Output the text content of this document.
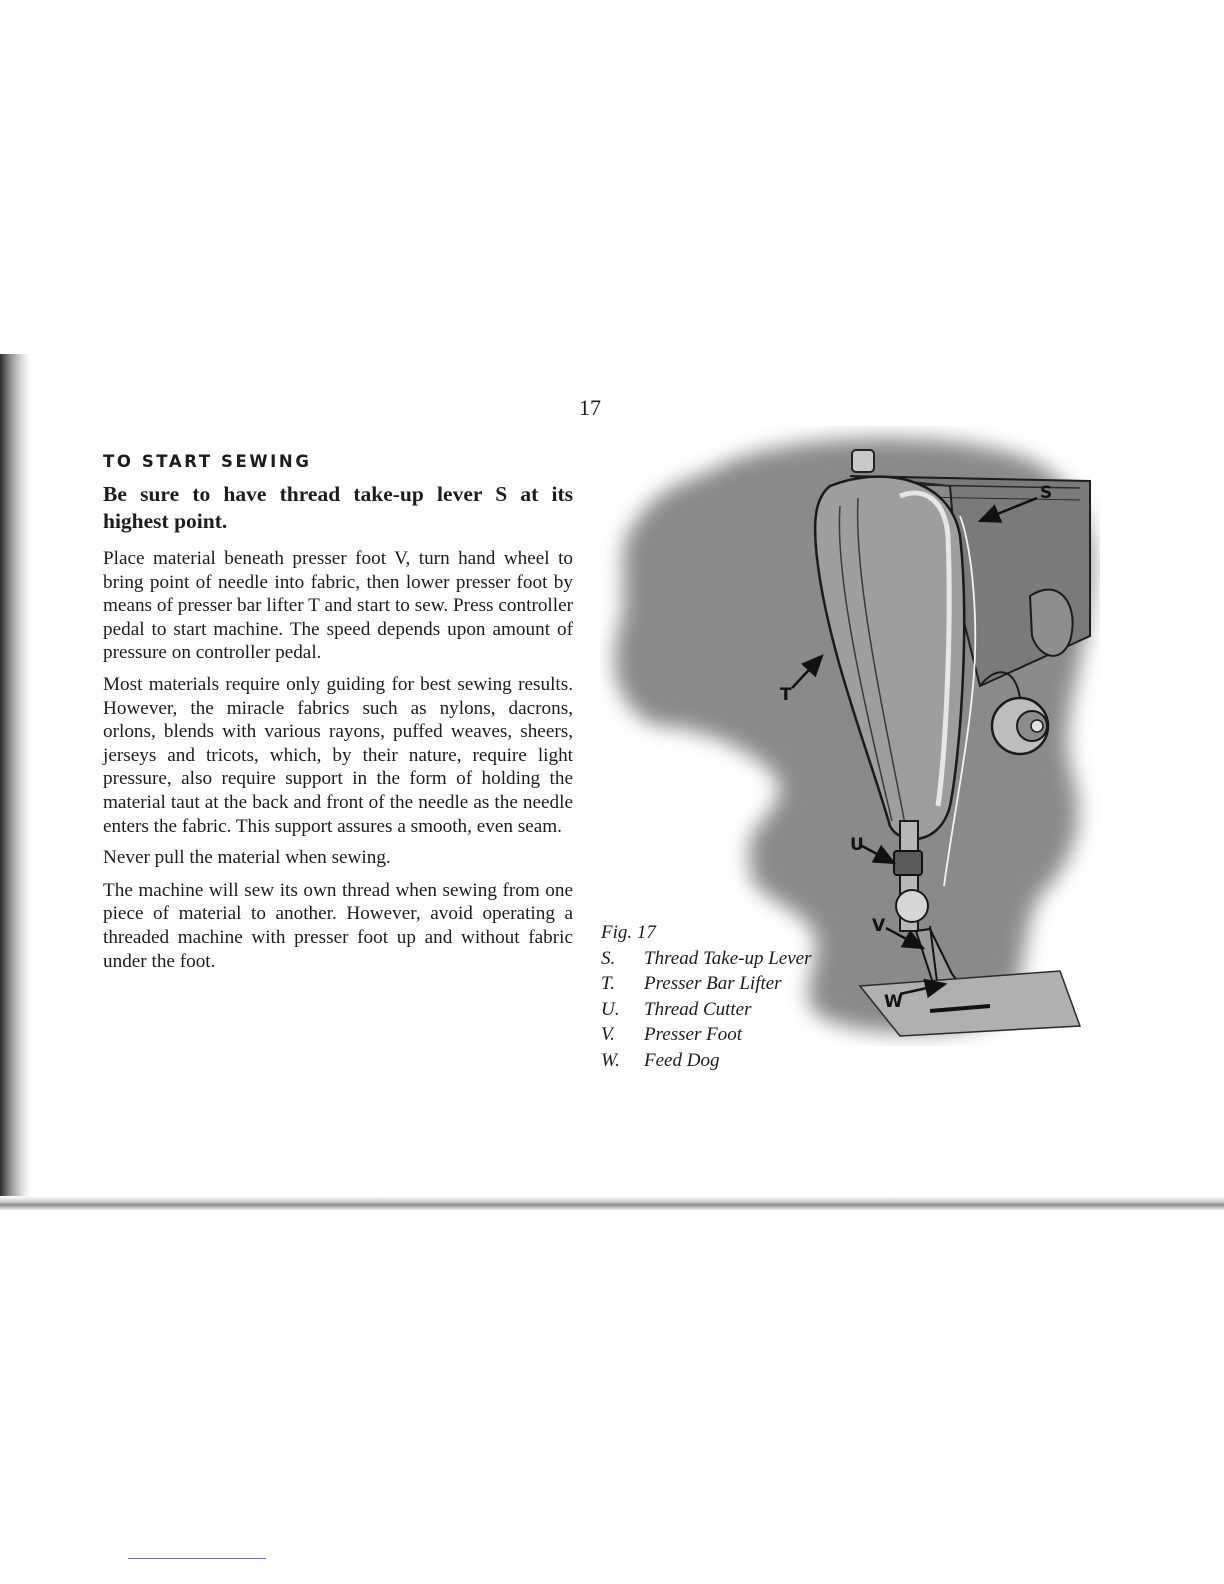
17
TO START SEWING

Be sure to have thread take-up lever S at its highest point.

Place material beneath presser foot V, turn hand wheel to bring point of needle into fabric, then lower presser foot by means of presser bar lifter T and start to sew. Press controller pedal to start machine. The speed depends upon amount of pressure on controller pedal.

Most materials require only guiding for best sewing results. However, the miracle fabrics such as nylons, dacrons, orlons, blends with various rayons, puffed weaves, sheers, jerseys and tricots, which, by their nature, require light pressure, also require support in the form of holding the material taut at the back and front of the needle as the needle enters the fabric. This support assures a smooth, even seam.

Never pull the material when sewing.

The machine will sew its own thread when sewing from one piece of material to another. However, avoid operating a threaded machine with presser foot up and without fabric under the foot.

S
T
U
V
W
Fig. 17
S.	Thread Take-up Lever
T.	Presser Bar Lifter
U.	Thread Cutter
V.	Presser Foot
W.	Feed Dog
